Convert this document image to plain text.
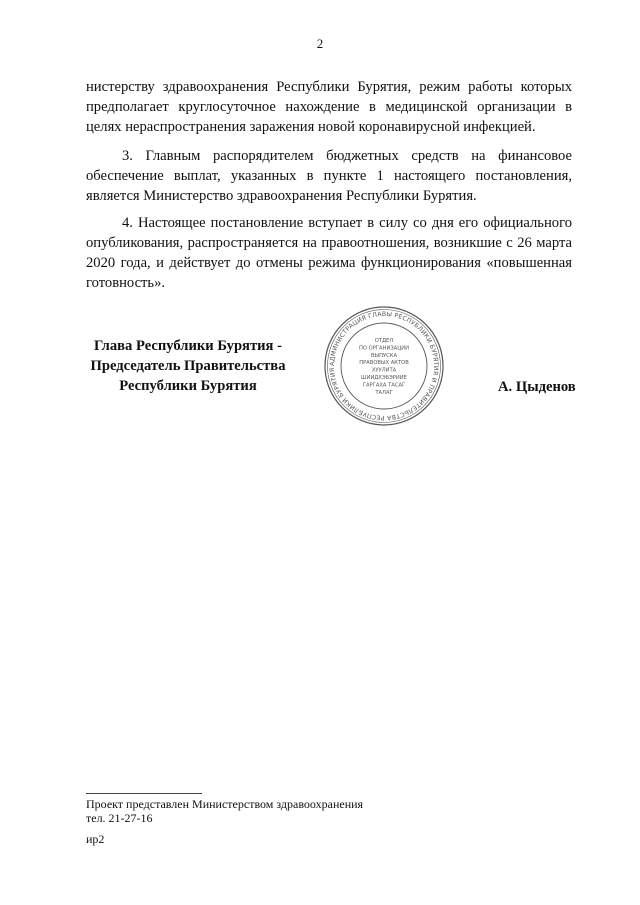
2

нистерству здравоохранения Республики Бурятия, режим работы которых предполагает круглосуточное нахождение в медицинской организации в целях нераспространения заражения новой коронавирусной инфекцией.

3. Главным распорядителем бюджетных средств на финансовое обеспечение выплат, указанных в пункте 1 настоящего постановления, является Министерство здравоохранения Республики Бурятия.

4. Настоящее постановление вступает в силу со дня его официального опубликования, распространяется на правоотношения, возникшие с 26 марта 2020 года, и действует до отмены режима функционирования «повышенная готовность».

Глава Республики Бурятия -
Председатель Правительства
Республики Бурятия
АДМИНИСТРАЦИЯ ГЛАВЫ РЕСПУБЛИКИ БУРЯТИЯ И ПРАВИТЕЛЬСТВА РЕСПУБЛИКИ БУРЯТИЯ
ОТДЕЛ
ПО ОРГАНИЗАЦИИ
ВЫПУСКА
ПРАВОВЫХ АКТОВ
ХУУЛИТА
ШИИДХЭБЭРИИЕ
ГАРГАХА ТАСАГ
ТАЛАГ	А. Цыденов
Проект представлен Министерством здравоохранения
тел. 21-27-16
ир2
